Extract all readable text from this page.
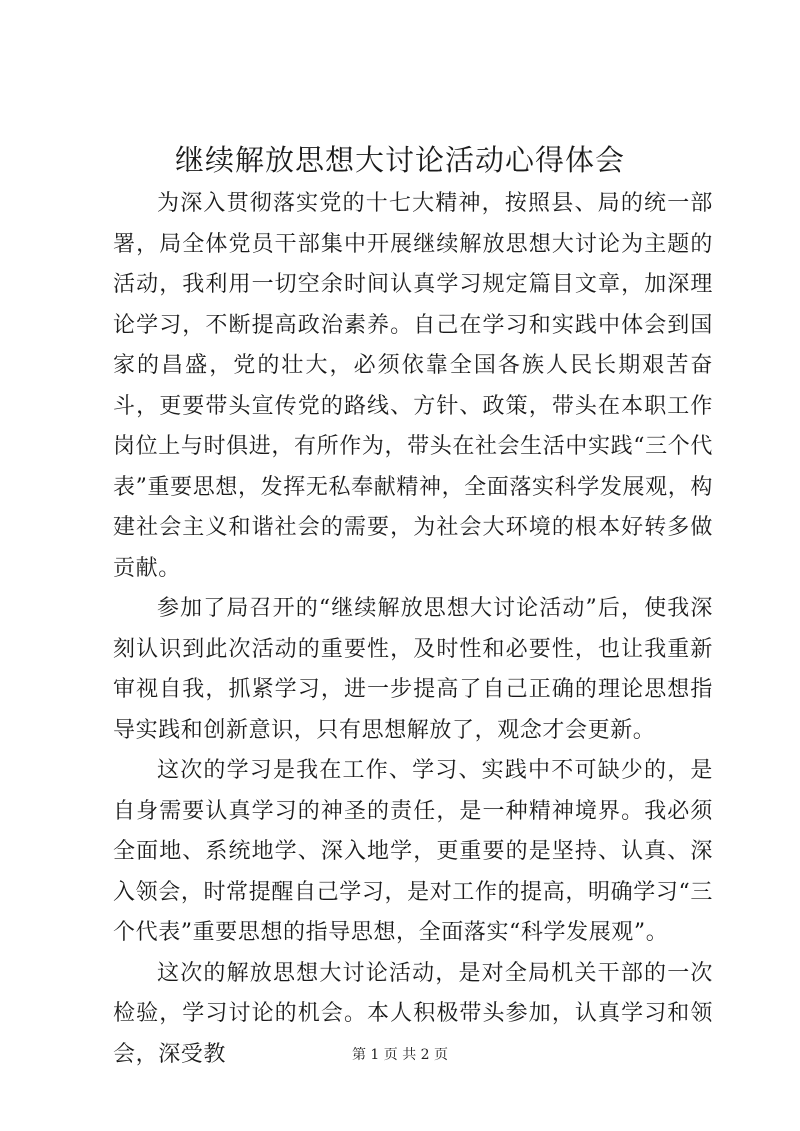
继续解放思想大讨论活动心得体会

为深入贯彻落实党的十七大精神，按照县、局的统一部署，局全体党员干部集中开展继续解放思想大讨论为主题的活动，我利用一切空余时间认真学习规定篇目文章，加深理论学习，不断提高政治素养。自己在学习和实践中体会到国家的昌盛，党的壮大，必须依靠全国各族人民长期艰苦奋斗，更要带头宣传党的路线、方针、政策，带头在本职工作岗位上与时俱进，有所作为，带头在社会生活中实践“三个代表”重要思想，发挥无私奉献精神，全面落实科学发展观，构建社会主义和谐社会的需要，为社会大环境的根本好转多做贡献。

参加了局召开的“继续解放思想大讨论活动”后，使我深刻认识到此次活动的重要性，及时性和必要性，也让我重新审视自我，抓紧学习，进一步提高了自己正确的理论思想指导实践和创新意识，只有思想解放了，观念才会更新。

这次的学习是我在工作、学习、实践中不可缺少的，是自身需要认真学习的神圣的责任，是一种精神境界。我必须全面地、系统地学、深入地学，更重要的是坚持、认真、深入领会，时常提醒自己学习，是对工作的提高，明确学习“三个代表”重要思想的指导思想，全面落实“科学发展观”。

这次的解放思想大讨论活动，是对全局机关干部的一次检验，学习讨论的机会。本人积极带头参加，认真学习和领会，深受教	第 1 页 共 2 页
